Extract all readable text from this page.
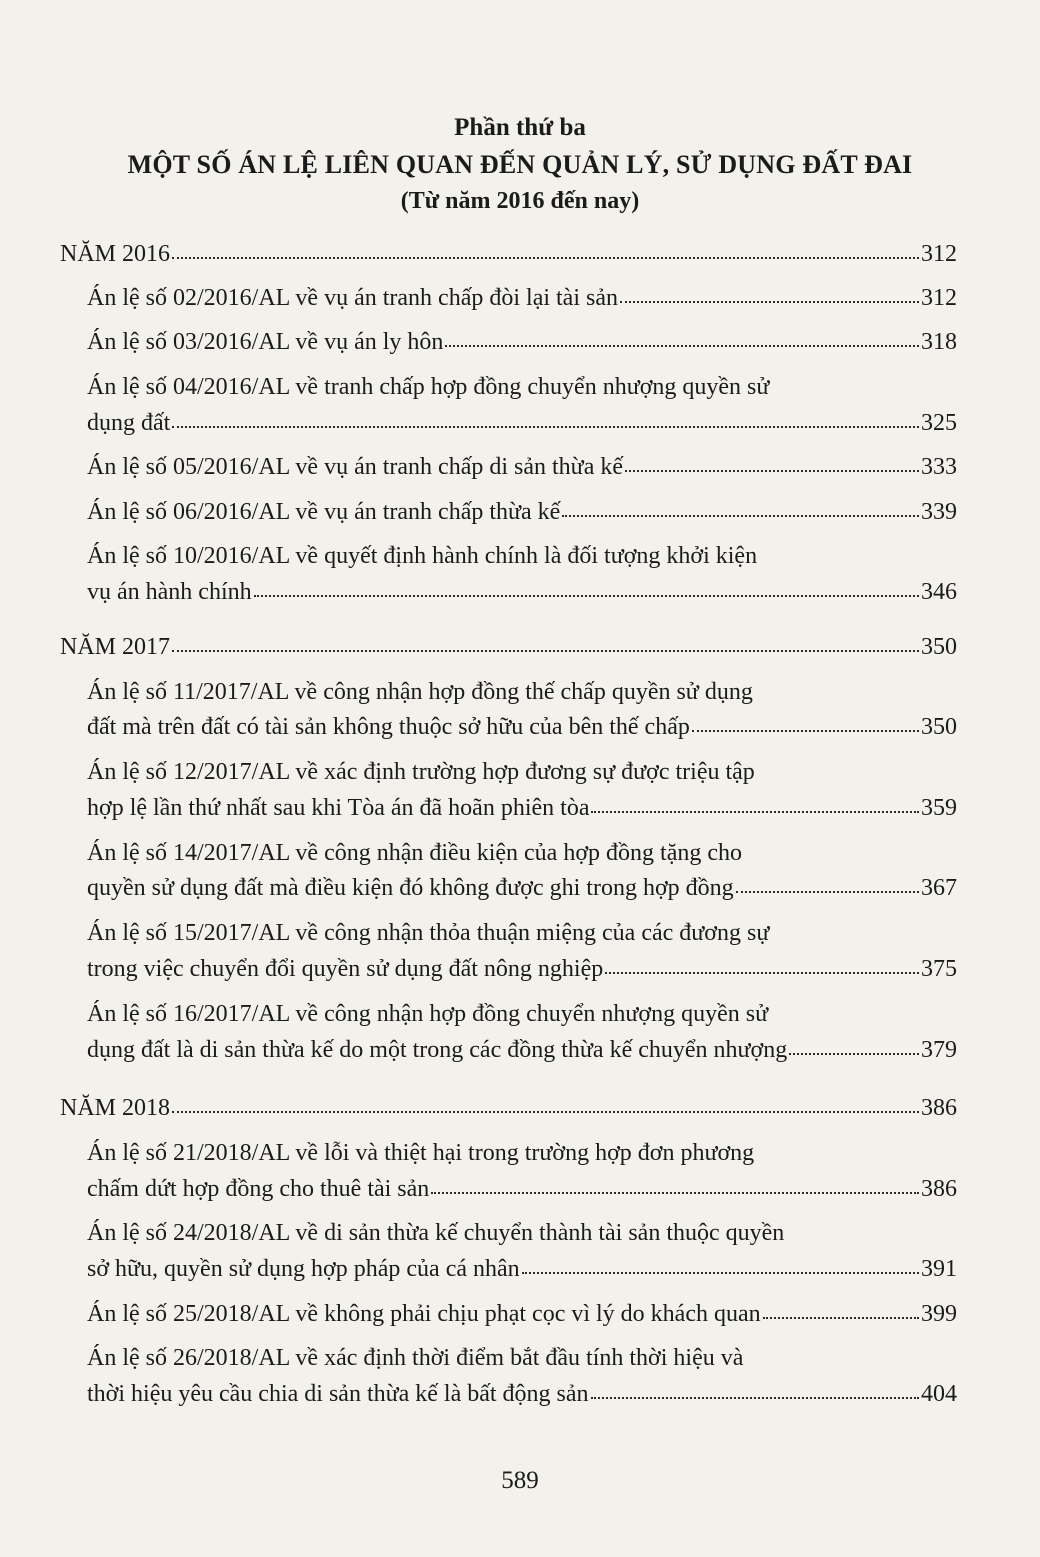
Phần thứ ba
MỘT SỐ ÁN LỆ LIÊN QUAN ĐẾN QUẢN LÝ, SỬ DỤNG ĐẤT ĐAI
(Từ năm 2016 đến nay)
NĂM 2016	312
Án lệ số 02/2016/AL về vụ án tranh chấp đòi lại tài sản	312
Án lệ số 03/2016/AL về vụ án ly hôn	318
Án lệ số 04/2016/AL về tranh chấp hợp đồng chuyển nhượng quyền sử
dụng đất	325
Án lệ số 05/2016/AL về vụ án tranh chấp di sản thừa kế	333
Án lệ số 06/2016/AL về vụ án tranh chấp thừa kế	339
Án lệ số 10/2016/AL về quyết định hành chính là đối tượng khởi kiện
vụ án hành chính	346
NĂM 2017	350
Án lệ số 11/2017/AL về công nhận hợp đồng thế chấp quyền sử dụng
đất mà trên đất có tài sản không thuộc sở hữu của bên thế chấp	350
Án lệ số 12/2017/AL về xác định trường hợp đương sự được triệu tập
hợp lệ lần thứ nhất sau khi Tòa án đã hoãn phiên tòa	359
Án lệ số 14/2017/AL về công nhận điều kiện của hợp đồng tặng cho
quyền sử dụng đất mà điều kiện đó không được ghi trong hợp đồng	367
Án lệ số 15/2017/AL về công nhận thỏa thuận miệng của các đương sự
trong việc chuyển đổi quyền sử dụng đất nông nghiệp	375
Án lệ số 16/2017/AL về công nhận hợp đồng chuyển nhượng quyền sử
dụng đất là di sản thừa kế do một trong các đồng thừa kế chuyển nhượng	379
NĂM 2018	386
Án lệ số 21/2018/AL về lỗi và thiệt hại trong trường hợp đơn phương
chấm dứt hợp đồng cho thuê tài sản	386
Án lệ số 24/2018/AL về di sản thừa kế chuyển thành tài sản thuộc quyền
sở hữu, quyền sử dụng hợp pháp của cá nhân	391
Án lệ số 25/2018/AL về không phải chịu phạt cọc vì lý do khách quan	399
Án lệ số 26/2018/AL về xác định thời điểm bắt đầu tính thời hiệu và
thời hiệu yêu cầu chia di sản thừa kế là bất động sản	404
589
